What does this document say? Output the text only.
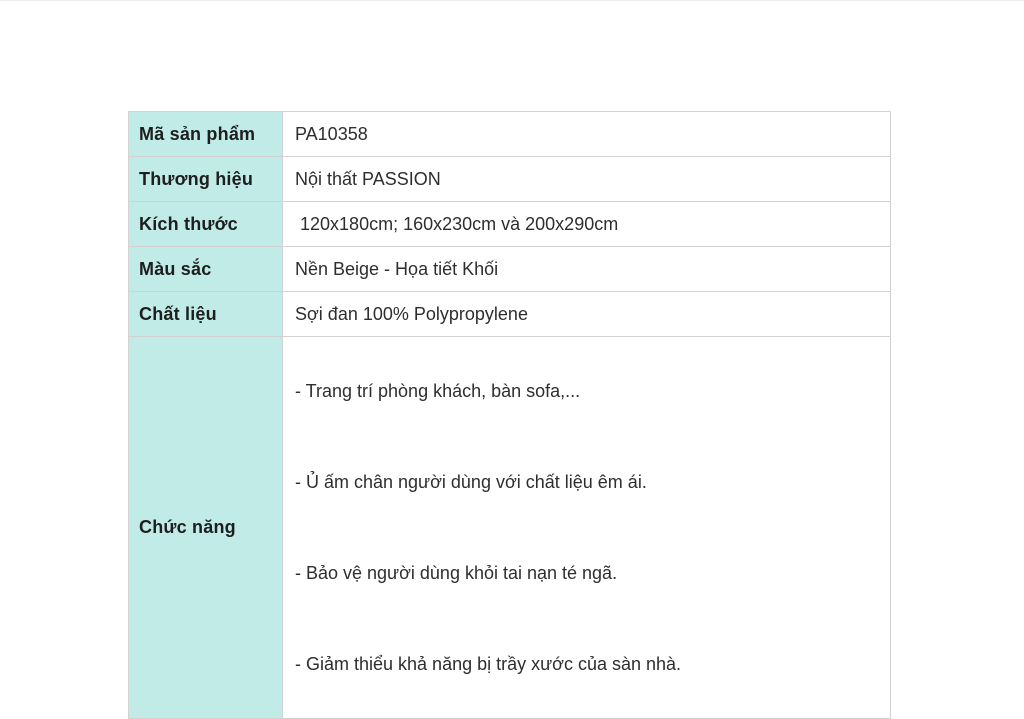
Mã sản phẩm	PA10358
Thương hiệu	Nội thất PASSION
Kích thước	120x180cm; 160x230cm và 200x290cm
Màu sắc	Nền Beige - Họa tiết Khối
Chất liệu	Sợi đan 100% Polypropylene
Chức năng	- Trang trí phòng khách, bàn sofa,...

- Ủ ấm chân người dùng với chất liệu êm ái.

- Bảo vệ người dùng khỏi tai nạn té ngã.

- Giảm thiểu khả năng bị trầy xước của sàn nhà.
